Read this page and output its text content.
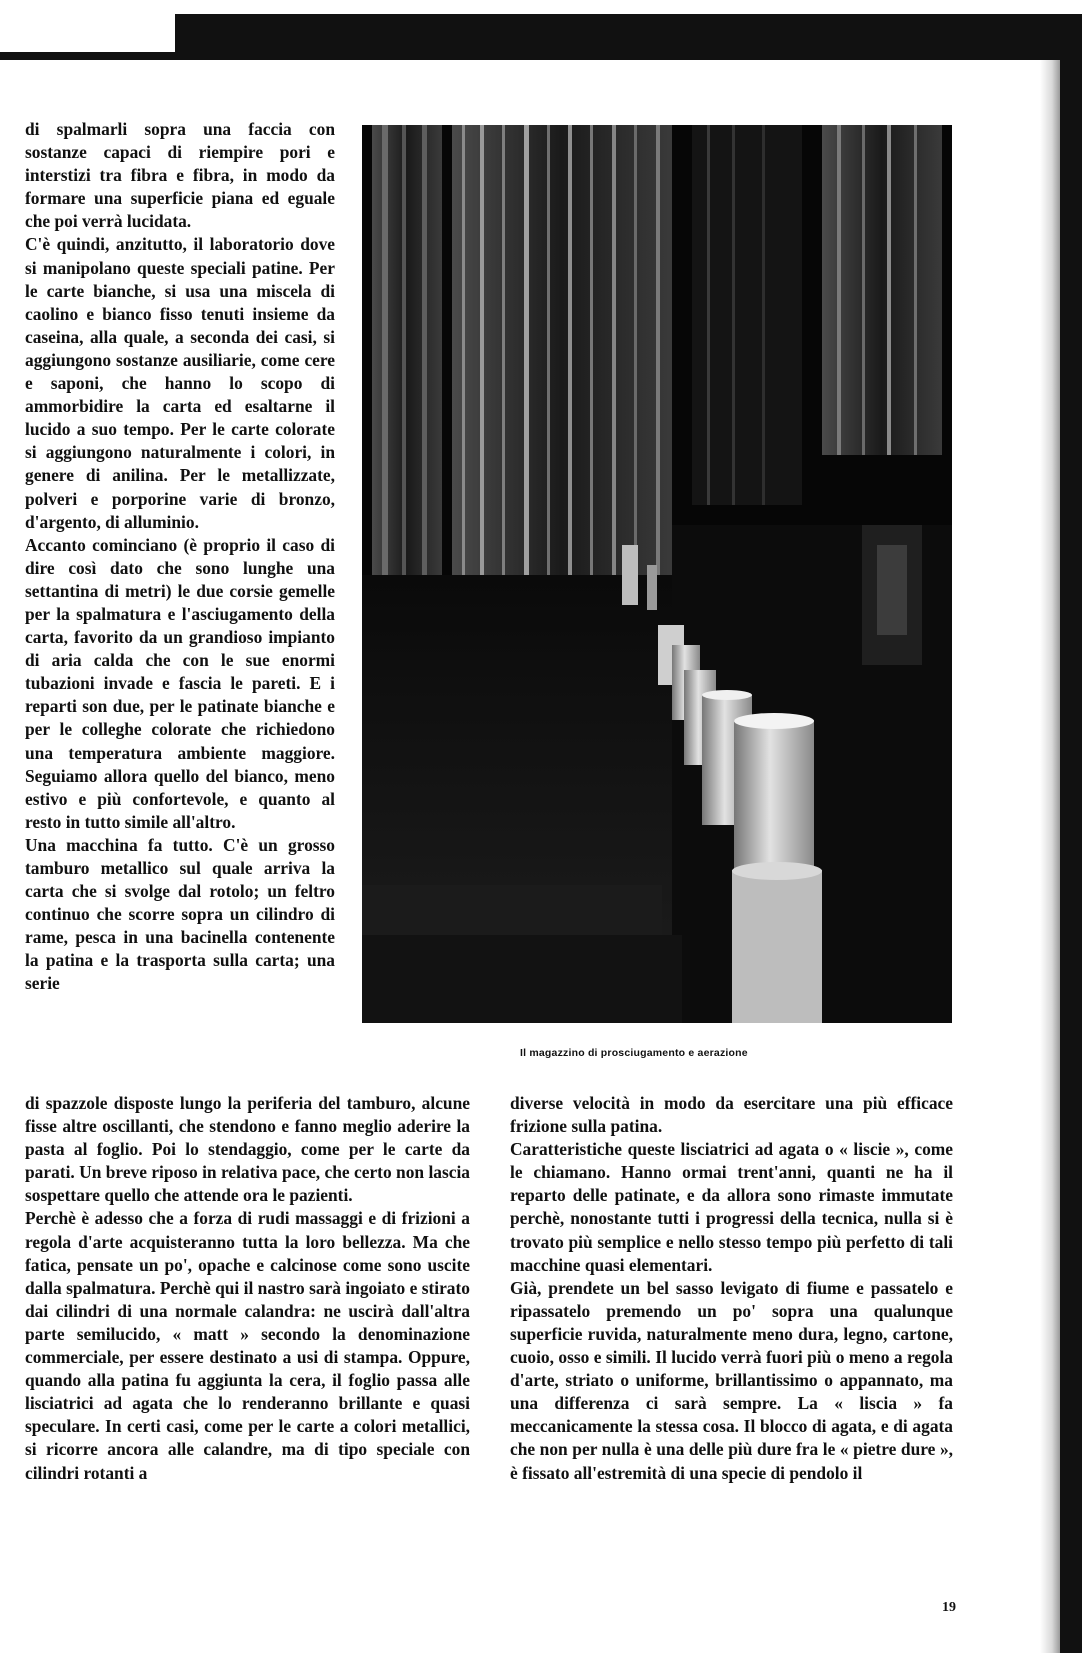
di spalmarli sopra una faccia con sostanze capaci di riempire pori e interstizi tra fibra e fibra, in modo da formare una superficie piana ed eguale che poi verrà lucidata.

C'è quindi, anzitutto, il laboratorio dove si manipolano queste speciali patine. Per le carte bianche, si usa una miscela di caolino e bianco fisso tenuti insieme da caseina, alla quale, a seconda dei casi, si aggiungono sostanze ausiliarie, come cere e saponi, che hanno lo scopo di ammorbidire la carta ed esaltarne il lucido a suo tempo. Per le carte colorate si aggiungono naturalmente i colori, in genere di anilina. Per le metallizzate, polveri e porporine varie di bronzo, d'argento, di alluminio.

Accanto cominciano (è proprio il caso di dire così dato che sono lunghe una settantina di metri) le due corsie gemelle per la spalmatura e l'asciugamento della carta, favorito da un grandioso impianto di aria calda che con le sue enormi tubazioni invade e fascia le pareti. E i reparti son due, per le patinate bianche e per le colleghe colorate che richiedono una temperatura ambiente maggiore. Seguiamo allora quello del bianco, meno estivo e più confortevole, e quanto al resto in tutto simile all'altro.

Una macchina fa tutto. C'è un grosso tamburo metallico sul quale arriva la carta che si svolge dal rotolo; un feltro continuo che scorre sopra un cilindro di rame, pesca in una bacinella contenente la patina e la trasporta sulla carta; una serie

Il magazzino di prosciugamento e aerazione

di spazzole disposte lungo la periferia del tamburo, alcune fisse altre oscillanti, che stendono e fanno meglio aderire la pasta al foglio. Poi lo stendaggio, come per le carte da parati. Un breve riposo in relativa pace, che certo non lascia sospettare quello che attende ora le pazienti.

Perchè è adesso che a forza di rudi massaggi e di frizioni a regola d'arte acquisteranno tutta la loro bellezza. Ma che fatica, pensate un po', opache e calcinose come sono uscite dalla spalmatura. Perchè qui il nastro sarà ingoiato e stirato dai cilindri di una normale calandra: ne uscirà dall'altra parte semilucido, « matt » secondo la denominazione commerciale, per essere destinato a usi di stampa. Oppure, quando alla patina fu aggiunta la cera, il foglio passa alle lisciatrici ad agata che lo renderanno brillante e quasi speculare. In certi casi, come per le carte a colori metallici, si ricorre ancora alle calandre, ma di tipo speciale con cilindri rotanti a

diverse velocità in modo da esercitare una più efficace frizione sulla patina.

Caratteristiche queste lisciatrici ad agata o « liscie », come le chiamano. Hanno ormai trent'anni, quanti ne ha il reparto delle patinate, e da allora sono rimaste immutate perchè, nonostante tutti i progressi della tecnica, nulla si è trovato più semplice e nello stesso tempo più perfetto di tali macchine quasi elementari.

Già, prendete un bel sasso levigato di fiume e passatelo e ripassatelo premendo un po' sopra una qualunque superficie ruvida, naturalmente meno dura, legno, cartone, cuoio, osso e simili. Il lucido verrà fuori più o meno a regola d'arte, striato o uniforme, brillantissimo o appannato, ma una differenza ci sarà sempre. La « liscia » fa meccanicamente la stessa cosa. Il blocco di agata, e di agata che non per nulla è una delle più dure fra le « pietre dure », è fissato all'estremità di una specie di pendolo il

19
